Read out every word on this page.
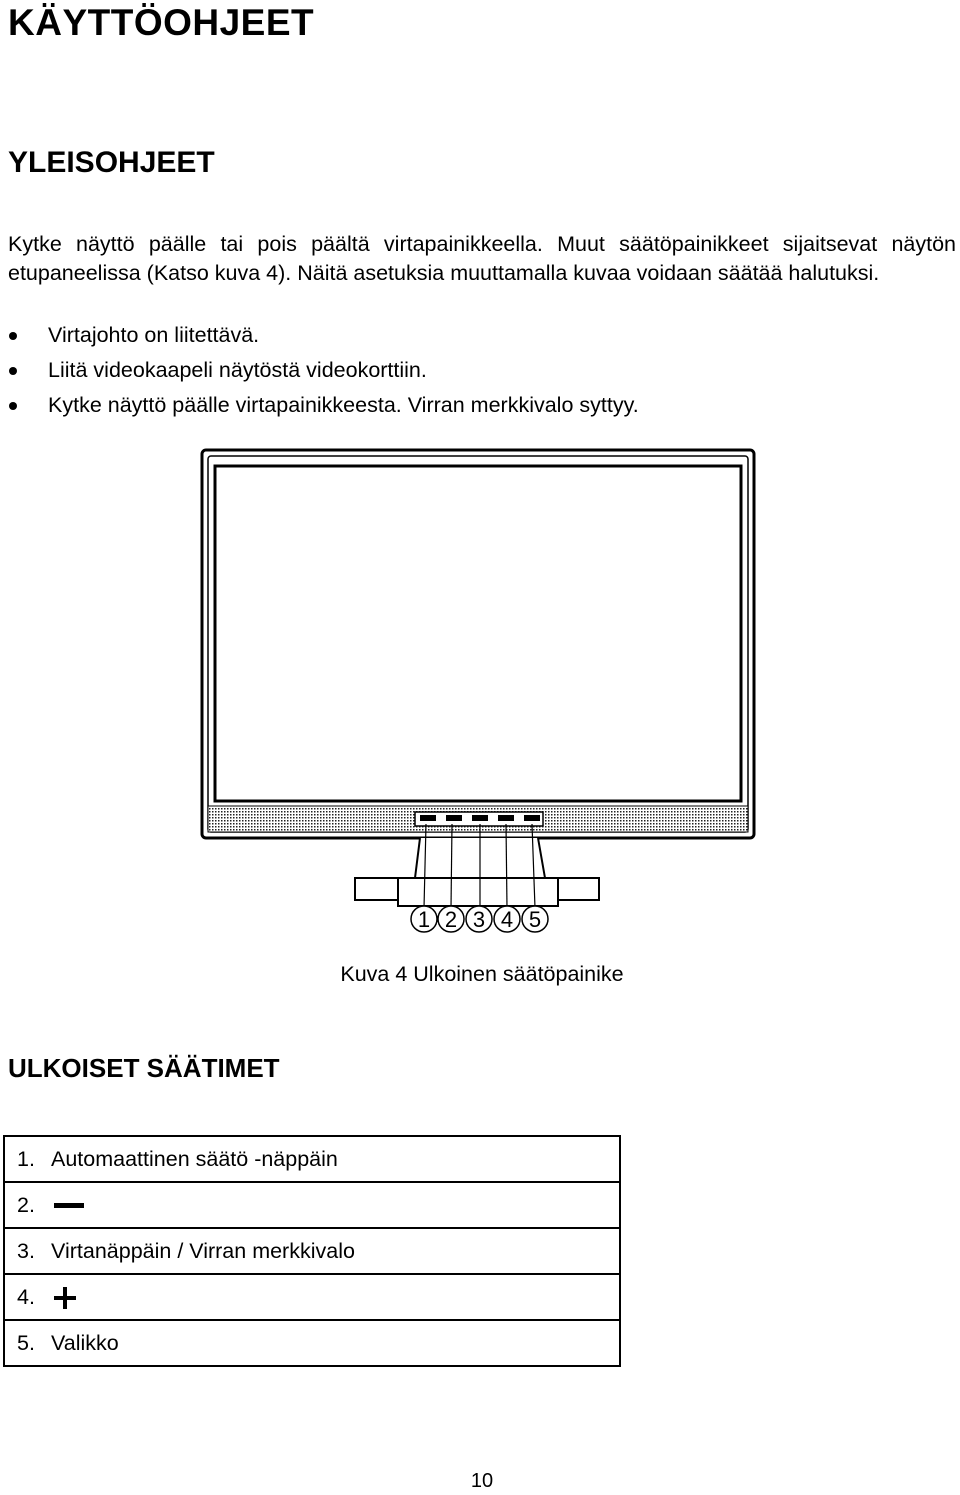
KÄYTTÖOHJEET
YLEISOHJEET
Kytke näyttö päälle tai pois päältä virtapainikkeella. Muut säätöpainikkeet sijaitsevat näytön etupaneelissa (Katso kuva 4). Näitä asetuksia muuttamalla kuvaa voidaan säätää halutuksi.
Virtajohto on liitettävä.
Liitä videokaapeli näytöstä videokorttiin.
Kytke näyttö päälle virtapainikkeesta. Virran merkkivalo syttyy.
1 2 3 4 5
Kuva 4 Ulkoinen säätöpainike
ULKOISET SÄÄTIMET
1.	Automaattinen säätö -näppäin
2.	
3.	Virtanäppäin / Virran merkkivalo
4.	
5.	Valikko
10
